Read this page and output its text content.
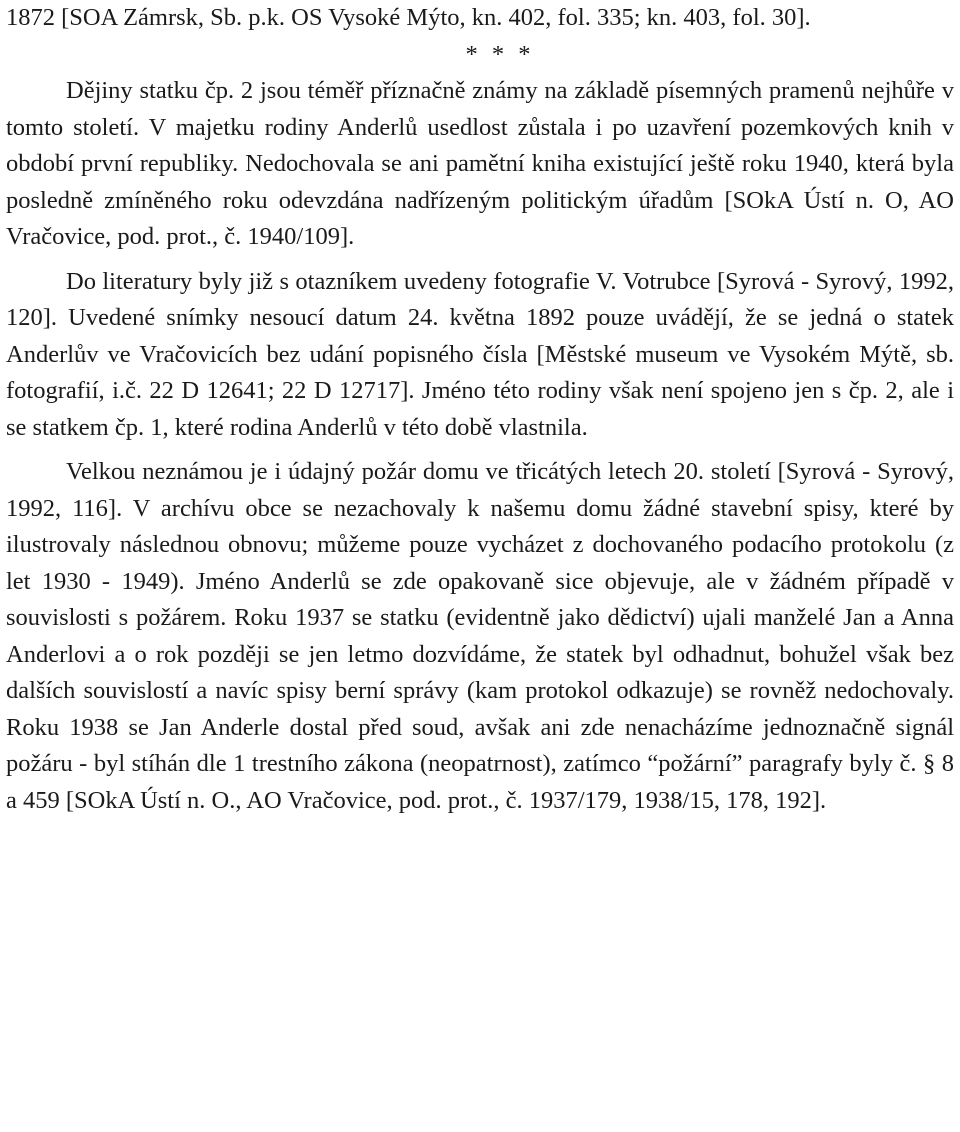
1872 [SOA Zámrsk, Sb. p.k. OS Vysoké Mýto, kn. 402, fol. 335; kn. 403, fol. 30].

* * *

Dějiny statku čp. 2 jsou téměř příznačně známy na základě písemných pramenů nejhůře v tomto století. V majetku rodiny Anderlů usedlost zůstala i po uzavření pozemkových knih v období první republiky. Nedochovala se ani pamětní kniha existující ještě roku 1940, která byla posledně zmíněného roku odevzdána nadřízeným politickým úřadům [SOkA Ústí n. O, AO Vračovice, pod. prot., č. 1940/109].

Do literatury byly již s otazníkem uvedeny fotografie V. Votrubce [Syrová - Syrový, 1992, 120]. Uvedené snímky nesoucí datum 24. května 1892 pouze uvádějí, že se jedná o statek Anderlův ve Vračovicích bez udání popisného čísla [Městské museum ve Vysokém Mýtě, sb. fotografií, i.č. 22 D 12641; 22 D 12717]. Jméno této rodiny však není spojeno jen s čp. 2, ale i se statkem čp. 1, které rodina Anderlů v této době vlastnila.

Velkou neznámou je i údajný požár domu ve třicátých letech 20. století [Syrová - Syrový, 1992, 116]. V archívu obce se nezachovaly k našemu domu žádné stavební spisy, které by ilustrovaly následnou obnovu; můžeme pouze vycházet z dochovaného podacího protokolu (z let 1930 - 1949). Jméno Anderlů se zde opakovaně sice objevuje, ale v žádném případě v souvislosti s požárem. Roku 1937 se statku (evidentně jako dědictví) ujali manželé Jan a Anna Anderlovi a o rok později se jen letmo dozvídáme, že statek byl odhadnut, bohužel však bez dalších souvislostí a navíc spisy berní správy (kam protokol odkazuje) se rovněž nedochovaly. Roku 1938 se Jan Anderle dostal před soud, avšak ani zde nenacházíme jednoznačně signál požáru - byl stíhán dle 1 trestního zákona (neopatrnost), zatímco “požární” paragrafy byly č. § 8 a 459 [SOkA Ústí n. O., AO Vračovice, pod. prot., č. 1937/179, 1938/15, 178, 192].
